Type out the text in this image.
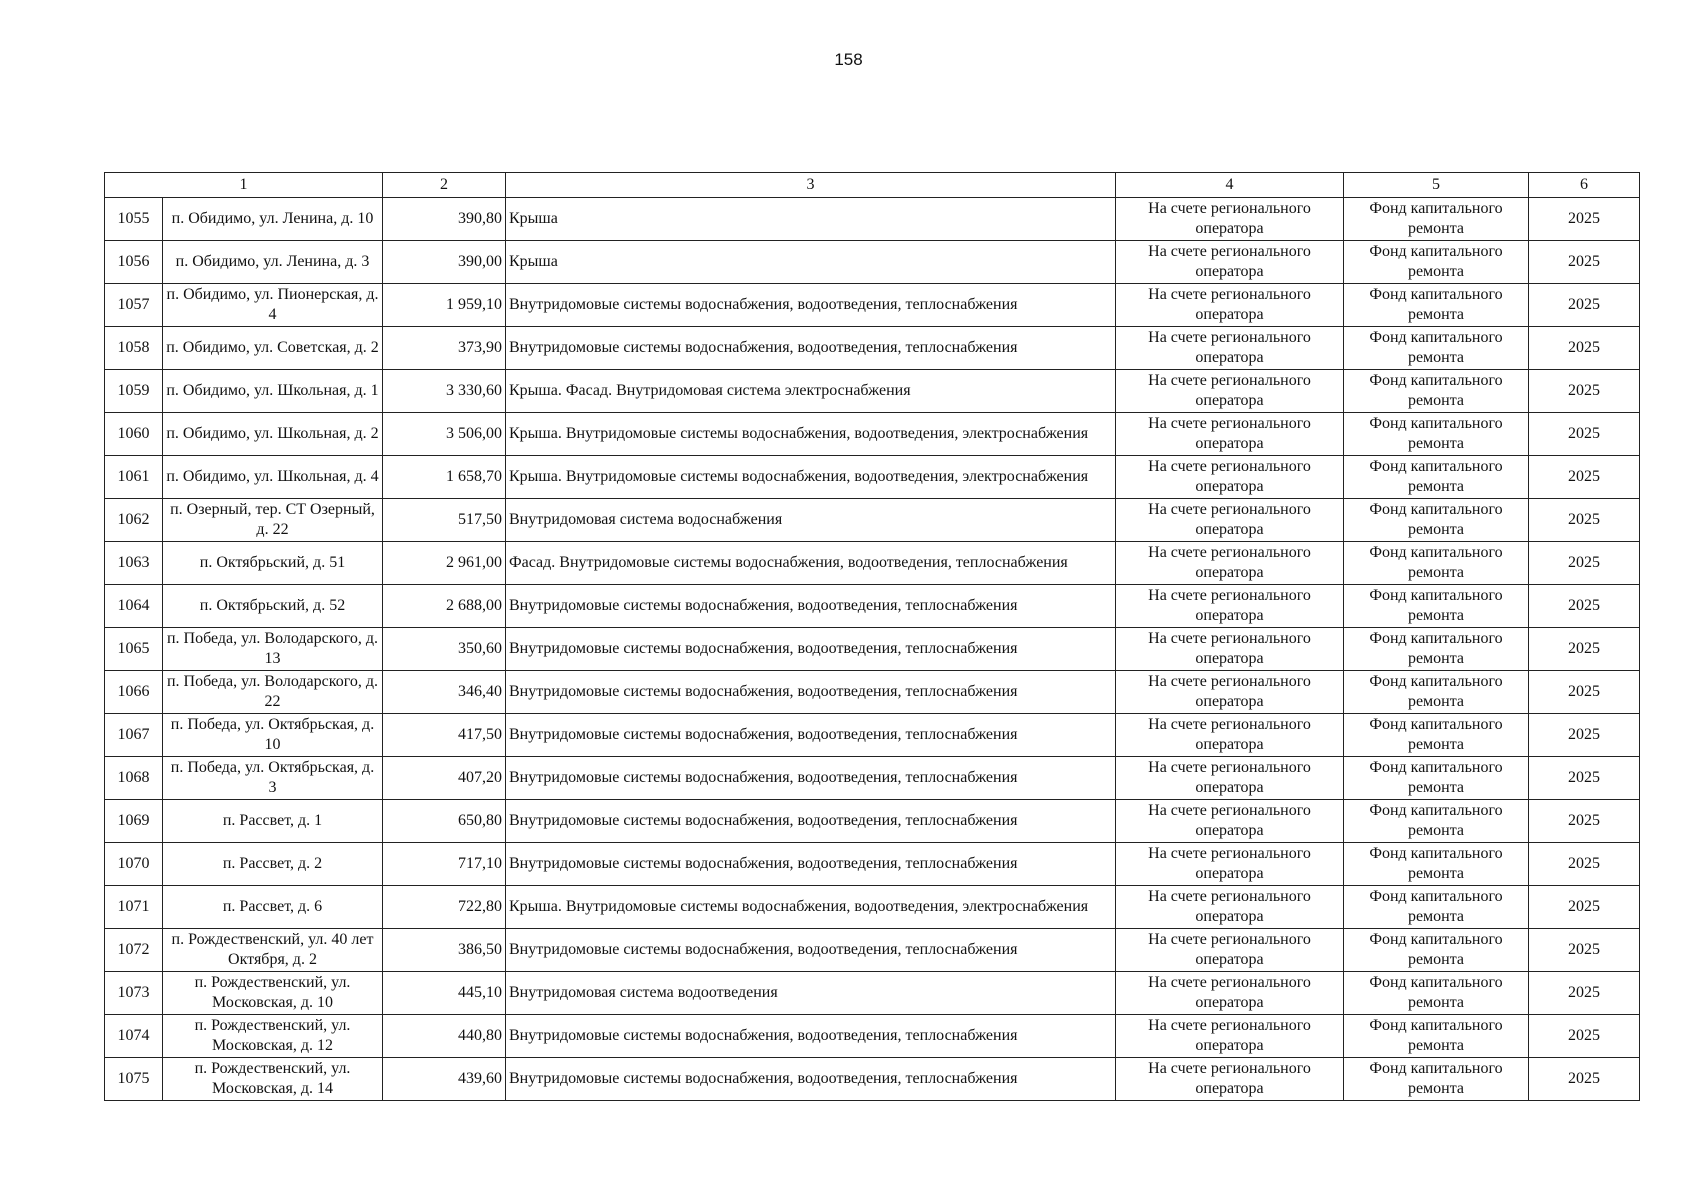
158
1		2	3	4	5	6
1055	п. Обидимо, ул. Ленина, д. 10	390,80	Крыша	На счете регионального оператора	Фонд капитального ремонта	2025
1056	п. Обидимо, ул. Ленина, д. 3	390,00	Крыша	На счете регионального оператора	Фонд капитального ремонта	2025
1057	п. Обидимо, ул. Пионерская, д. 4	1 959,10	Внутридомовые системы водоснабжения, водоотведения, теплоснабжения	На счете регионального оператора	Фонд капитального ремонта	2025
1058	п. Обидимо, ул. Советская, д. 2	373,90	Внутридомовые системы водоснабжения, водоотведения, теплоснабжения	На счете регионального оператора	Фонд капитального ремонта	2025
1059	п. Обидимо, ул. Школьная, д. 1	3 330,60	Крыша. Фасад. Внутридомовая система электроснабжения	На счете регионального оператора	Фонд капитального ремонта	2025
1060	п. Обидимо, ул. Школьная, д. 2	3 506,00	Крыша. Внутридомовые системы водоснабжения, водоотведения, электроснабжения	На счете регионального оператора	Фонд капитального ремонта	2025
1061	п. Обидимо, ул. Школьная, д. 4	1 658,70	Крыша. Внутридомовые системы водоснабжения, водоотведения, электроснабжения	На счете регионального оператора	Фонд капитального ремонта	2025
1062	п. Озерный, тер. СТ Озерный, д. 22	517,50	Внутридомовая система водоснабжения	На счете регионального оператора	Фонд капитального ремонта	2025
1063	п. Октябрьский, д. 51	2 961,00	Фасад. Внутридомовые системы водоснабжения, водоотведения, теплоснабжения	На счете регионального оператора	Фонд капитального ремонта	2025
1064	п. Октябрьский, д. 52	2 688,00	Внутридомовые системы водоснабжения, водоотведения, теплоснабжения	На счете регионального оператора	Фонд капитального ремонта	2025
1065	п. Победа, ул. Володарского, д. 13	350,60	Внутридомовые системы водоснабжения, водоотведения, теплоснабжения	На счете регионального оператора	Фонд капитального ремонта	2025
1066	п. Победа, ул. Володарского, д. 22	346,40	Внутридомовые системы водоснабжения, водоотведения, теплоснабжения	На счете регионального оператора	Фонд капитального ремонта	2025
1067	п. Победа, ул. Октябрьская, д. 10	417,50	Внутридомовые системы водоснабжения, водоотведения, теплоснабжения	На счете регионального оператора	Фонд капитального ремонта	2025
1068	п. Победа, ул. Октябрьская, д. 3	407,20	Внутридомовые системы водоснабжения, водоотведения, теплоснабжения	На счете регионального оператора	Фонд капитального ремонта	2025
1069	п. Рассвет, д. 1	650,80	Внутридомовые системы водоснабжения, водоотведения, теплоснабжения	На счете регионального оператора	Фонд капитального ремонта	2025
1070	п. Рассвет, д. 2	717,10	Внутридомовые системы водоснабжения, водоотведения, теплоснабжения	На счете регионального оператора	Фонд капитального ремонта	2025
1071	п. Рассвет, д. 6	722,80	Крыша. Внутридомовые системы водоснабжения, водоотведения, электроснабжения	На счете регионального оператора	Фонд капитального ремонта	2025
1072	п. Рождественский, ул. 40 лет Октября, д. 2	386,50	Внутридомовые системы водоснабжения, водоотведения, теплоснабжения	На счете регионального оператора	Фонд капитального ремонта	2025
1073	п. Рождественский, ул. Московская, д. 10	445,10	Внутридомовая система водоотведения	На счете регионального оператора	Фонд капитального ремонта	2025
1074	п. Рождественский, ул. Московская, д. 12	440,80	Внутридомовые системы водоснабжения, водоотведения, теплоснабжения	На счете регионального оператора	Фонд капитального ремонта	2025
1075	п. Рождественский, ул. Московская, д. 14	439,60	Внутридомовые системы водоснабжения, водоотведения, теплоснабжения	На счете регионального оператора	Фонд капитального ремонта	2025
